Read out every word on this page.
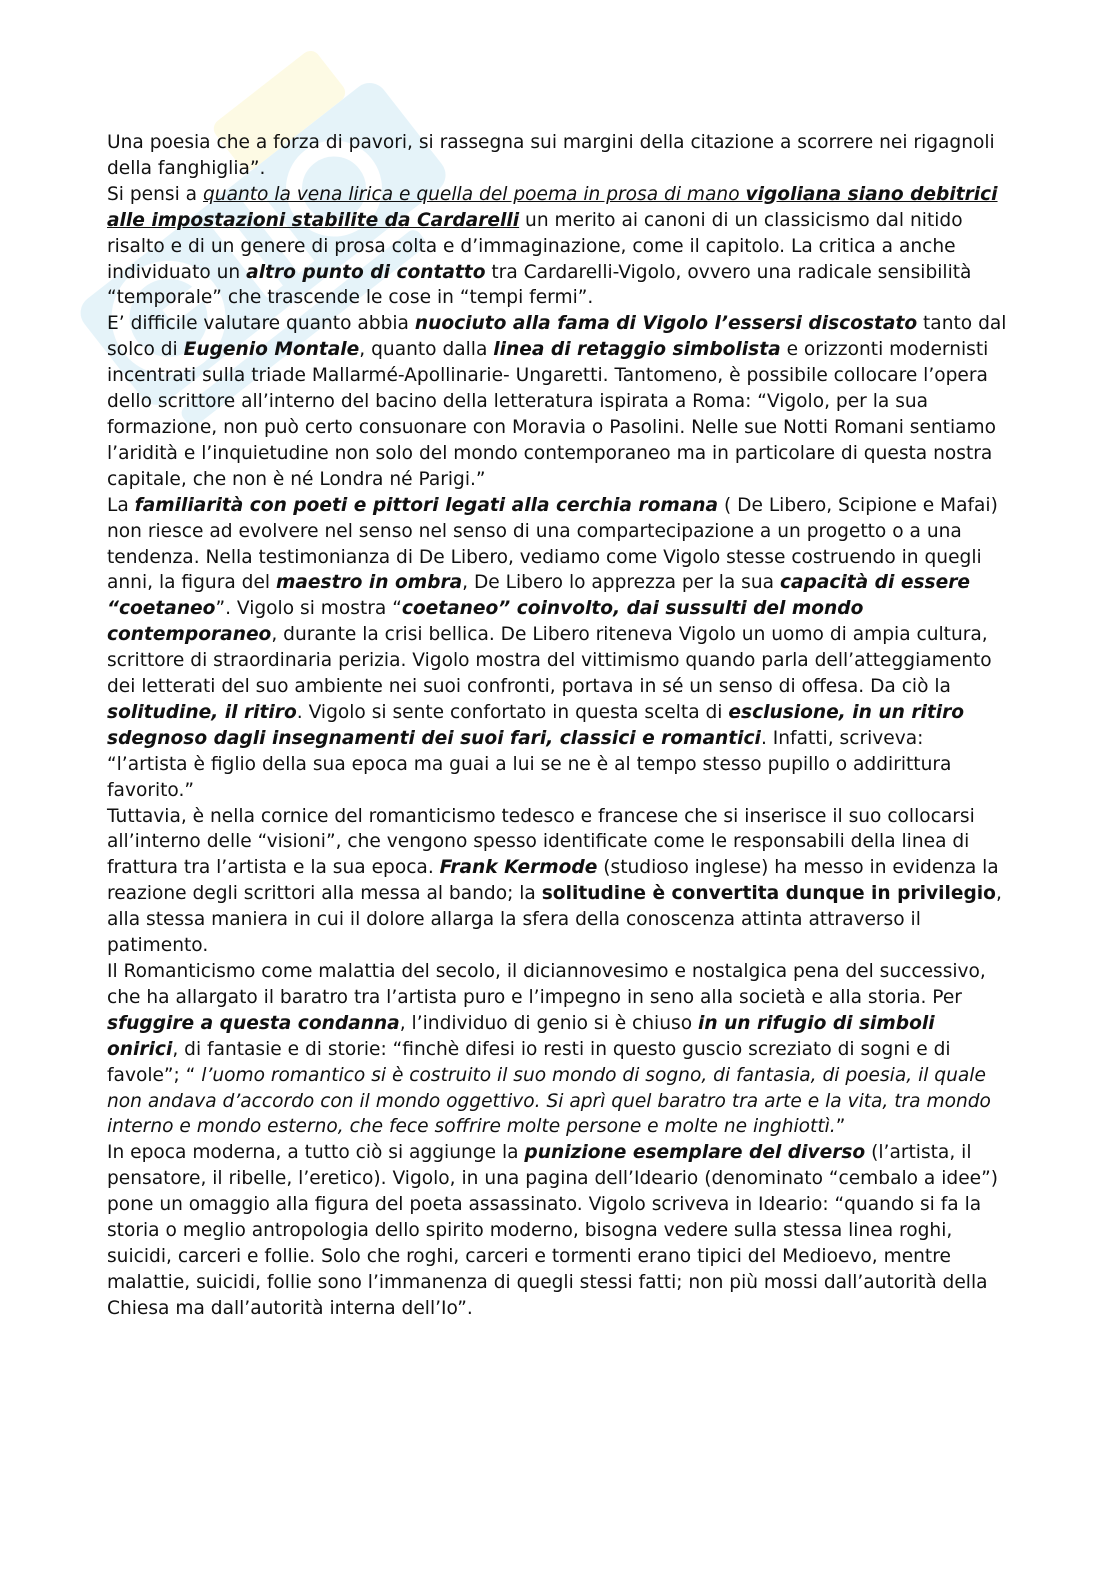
Una poesia che a forza di pavori, si rassegna sui margini della citazione a scorrere nei rigagnoli della fanghiglia”.

Si pensi a quanto la vena lirica e quella del poema in prosa di mano vigoliana siano debitrici alle impostazioni stabilite da Cardarelli un merito ai canoni di un classicismo dal nitido risalto e di un genere di prosa colta e d’immaginazione, come il capitolo. La critica a anche individuato un altro punto di contatto tra Cardarelli-Vigolo, ovvero una radicale sensibilità “temporale” che trascende le cose in “tempi fermi”.

E’ difficile valutare quanto abbia nuociuto alla fama di Vigolo l’essersi discostato tanto dal solco di Eugenio Montale, quanto dalla linea di retaggio simbolista e orizzonti modernisti incentrati sulla triade Mallarmé-Apollinarie- Ungaretti. Tantomeno, è possibile collocare l’opera dello scrittore all’interno del bacino della letteratura ispirata a Roma: “Vigolo, per la sua formazione, non può certo consuonare con Moravia o Pasolini. Nelle sue Notti Romani sentiamo l’aridità e l’inquietudine non solo del mondo contemporaneo ma in particolare di questa nostra capitale, che non è né Londra né Parigi.”

La familiarità con poeti e pittori legati alla cerchia romana ( De Libero, Scipione e Mafai) non riesce ad evolvere nel senso nel senso di una compartecipazione a un progetto o a una tendenza. Nella testimonianza di De Libero, vediamo come Vigolo stesse costruendo in quegli anni, la figura del maestro in ombra, De Libero lo apprezza per la sua capacità di essere “coetaneo”. Vigolo si mostra “coetaneo” coinvolto, dai sussulti del mondo contemporaneo, durante la crisi bellica. De Libero riteneva Vigolo un uomo di ampia cultura, scrittore di straordinaria perizia. Vigolo mostra del vittimismo quando parla dell’atteggiamento dei letterati del suo ambiente nei suoi confronti, portava in sé un senso di offesa. Da ciò la solitudine, il ritiro. Vigolo si sente confortato in questa scelta di esclusione, in un ritiro sdegnoso dagli insegnamenti dei suoi fari, classici e romantici. Infatti, scriveva: “l’artista è figlio della sua epoca ma guai a lui se ne è al tempo stesso pupillo o addirittura favorito.”

Tuttavia, è nella cornice del romanticismo tedesco e francese che si inserisce il suo collocarsi all’interno delle “visioni”, che vengono spesso identificate come le responsabili della linea di frattura tra l’artista e la sua epoca. Frank Kermode (studioso inglese) ha messo in evidenza la reazione degli scrittori alla messa al bando; la solitudine è convertita dunque in privilegio, alla stessa maniera in cui il dolore allarga la sfera della conoscenza attinta attraverso il patimento.

Il Romanticismo come malattia del secolo, il diciannovesimo e nostalgica pena del successivo, che ha allargato il baratro tra l’artista puro e l’impegno in seno alla società e alla storia. Per sfuggire a questa condanna, l’individuo di genio si è chiuso in un rifugio di simboli onirici, di fantasie e di storie: “finchè difesi io resti in questo guscio screziato di sogni e di favole”; “ l’uomo romantico si è costruito il suo mondo di sogno, di fantasia, di poesia, il quale non andava d’accordo con il mondo oggettivo. Si aprì quel baratro tra arte e la vita, tra mondo interno e mondo esterno, che fece soffrire molte persone e molte ne inghiottì.”

In epoca moderna, a tutto ciò si aggiunge la punizione esemplare del diverso (l’artista, il pensatore, il ribelle, l’eretico). Vigolo, in una pagina dell’Ideario (denominato “cembalo a idee”) pone un omaggio alla figura del poeta assassinato. Vigolo scriveva in Ideario: “quando si fa la storia o meglio antropologia dello spirito moderno, bisogna vedere sulla stessa linea roghi, suicidi, carceri e follie. Solo che roghi, carceri e tormenti erano tipici del Medioevo, mentre malattie, suicidi, follie sono l’immanenza di quegli stessi fatti; non più mossi dall’autorità della Chiesa ma dall’autorità interna dell’Io”.
